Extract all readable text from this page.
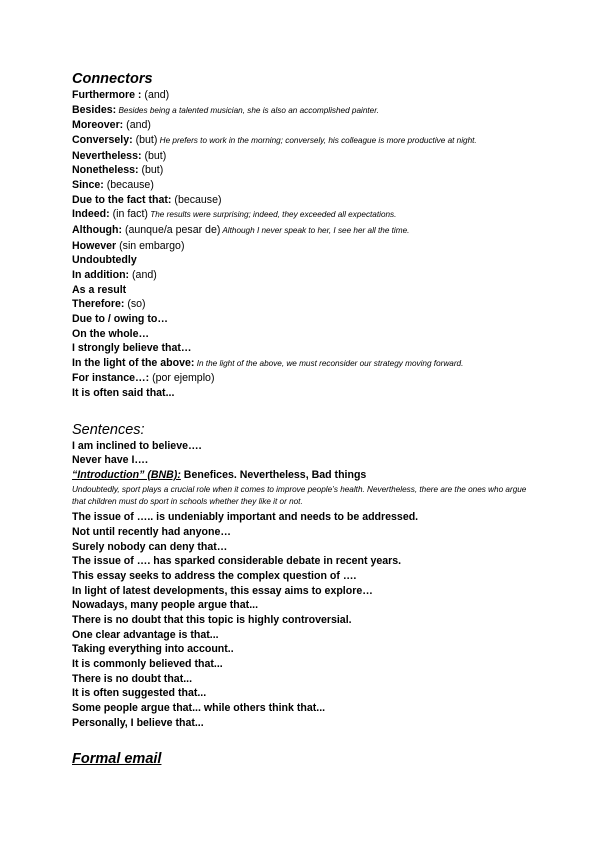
Connectors
Furthermore : (and)
Besides: Besides being a talented musician, she is also an accomplished painter.
Moreover: (and)
Conversely: (but) He prefers to work in the morning; conversely, his colleague is more productive at night.
Nevertheless: (but)
Nonetheless: (but)
Since: (because)
Due to the fact that: (because)
Indeed: (in fact) The results were surprising; indeed, they exceeded all expectations.
Although: (aunque/a pesar de) Although I never speak to her, I see her all the time.
However (sin embargo)
Undoubtedly
In addition: (and)
As a result
Therefore: (so)
Due to / owing to…
On the whole…
I strongly believe that…
In the light of the above: In the light of the above, we must reconsider our strategy moving forward.
For instance…: (por ejemplo)
It is often said that...
Sentences:
I am inclined to believe….
Never have I….
“Introduction” (BNB): Benefices. Nevertheless, Bad things
Undoubtedly, sport plays a crucial role when it comes to improve people’s health. Nevertheless, there are the ones who argue that children must do sport in schools whether they like it or not.
The issue of ….. is undeniably important and needs to be addressed.
Not until recently had anyone…
Surely nobody can deny that…
The issue of …. has sparked considerable debate in recent years.
This essay seeks to address the complex question of ….
In light of latest developments, this essay aims to explore…
Nowadays, many people argue that...
There is no doubt that this topic is highly controversial.
One clear advantage is that...
Taking everything into account..
It is commonly believed that...
There is no doubt that...
It is often suggested that...
Some people argue that... while others think that...
Personally, I believe that...
Formal email
